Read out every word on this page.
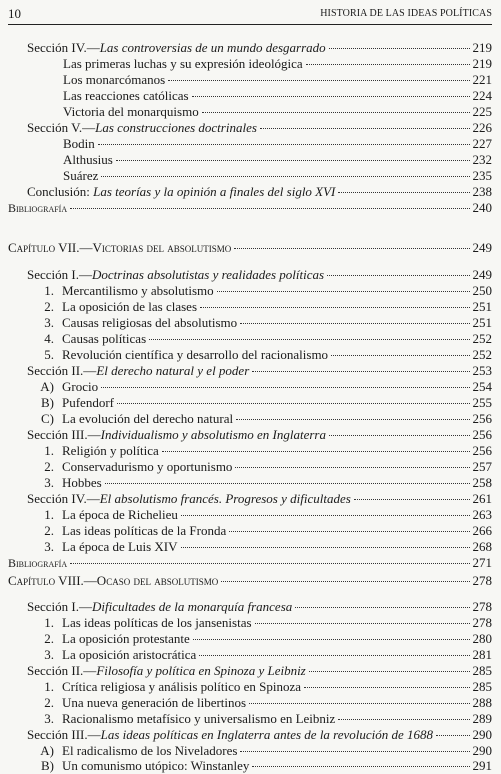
10	HISTORIA DE LAS IDEAS POLÍTICAS
Sección IV.—Las controversias de un mundo desgarrado	219
Las primeras luchas y su expresión ideológica	219
Los monarcómanos	221
Las reacciones católicas	224
Victoria del monarquismo	225
Sección V.—Las construcciones doctrinales	226
Bodin	227
Althusius	232
Suárez	235
Conclusión: Las teorías y la opinión a finales del siglo XVI	238
Bibliografía	240
Capítulo VII.—Victorias del absolutismo	249
Sección I.—Doctrinas absolutistas y realidades políticas	249
1. Mercantilismo y absolutismo	250
2. La oposición de las clases	251
3. Causas religiosas del absolutismo	251
4. Causas políticas	252
5. Revolución científica y desarrollo del racionalismo	252
Sección II.—El derecho natural y el poder	253
A) Grocio	254
B) Pufendorf	255
C) La evolución del derecho natural	256
Sección III.—Individualismo y absolutismo en Inglaterra	256
1. Religión y política	256
2. Conservadurismo y oportunismo	257
3. Hobbes	258
Sección IV.—El absolutismo francés. Progresos y dificultades	261
1. La época de Richelieu	263
2. Las ideas políticas de la Fronda	266
3. La época de Luis XIV	268
Bibliografía	271
Capítulo VIII.—Ocaso del absolutismo	278
Sección I.—Dificultades de la monarquía francesa	278
1. Las ideas políticas de los jansenistas	278
2. La oposición protestante	280
3. La oposición aristocrática	281
Sección II.—Filosofía y política en Spinoza y Leibniz	285
1. Crítica religiosa y análisis político en Spinoza	285
2. Una nueva generación de libertinos	288
3. Racionalismo metafísico y universalismo en Leibniz	289
Sección III.—Las ideas políticas en Inglaterra antes de la revolución de 1688	290
A) El radicalismo de los Niveladores	290
B) Un comunismo utópico: Winstanley	291
